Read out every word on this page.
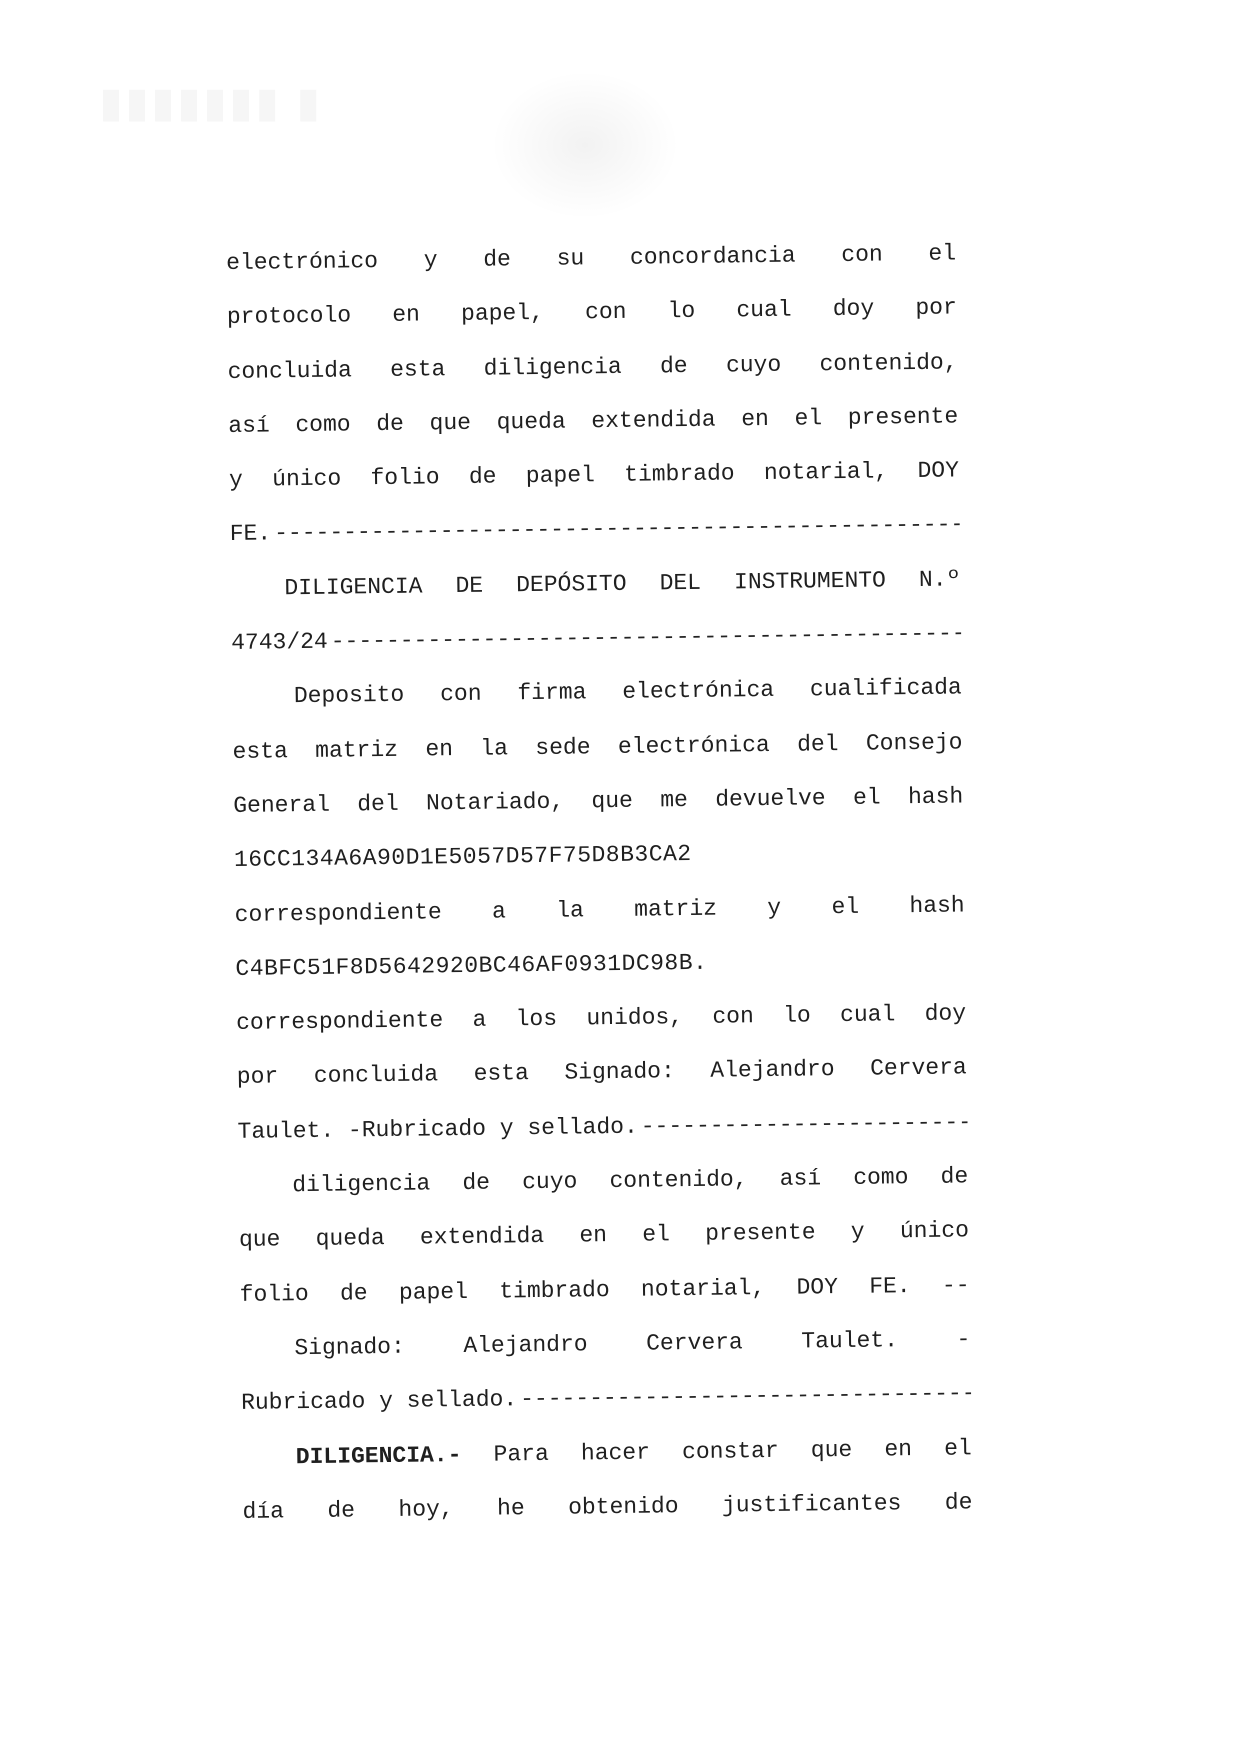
electrónico y de su concordancia con el
protocolo en papel, con lo cual doy por
concluida esta diligencia de cuyo contenido,
así como de que queda extendida en el presente
y único folio de papel timbrado notarial, DOY
FE.
-----
DILIGENCIA DE DEPÓSITO DEL INSTRUMENTO N.º
4743/24
-----
Deposito con firma electrónica cualificada
esta matriz en la sede electrónica del Consejo
General del Notariado, que me devuelve el hash
16CC134A6A90D1E5057D57F75D8B3CA2
correspondiente a la matriz y el hash
C4BFC51F8D5642920BC46AF0931DC98B.
correspondiente a los unidos, con lo cual doy
por concluida esta Signado: Alejandro Cervera
Taulet. -Rubricado y sellado.
-----
diligencia de cuyo contenido, así como de
que queda extendida en el presente y único
folio de papel timbrado notarial, DOY FE. --
Signado:	Alejandro	Cervera	Taulet.	-
Rubricado y sellado.
-----
DILIGENCIA.- Para hacer constar que en el
día de hoy, he obtenido justificantes de
